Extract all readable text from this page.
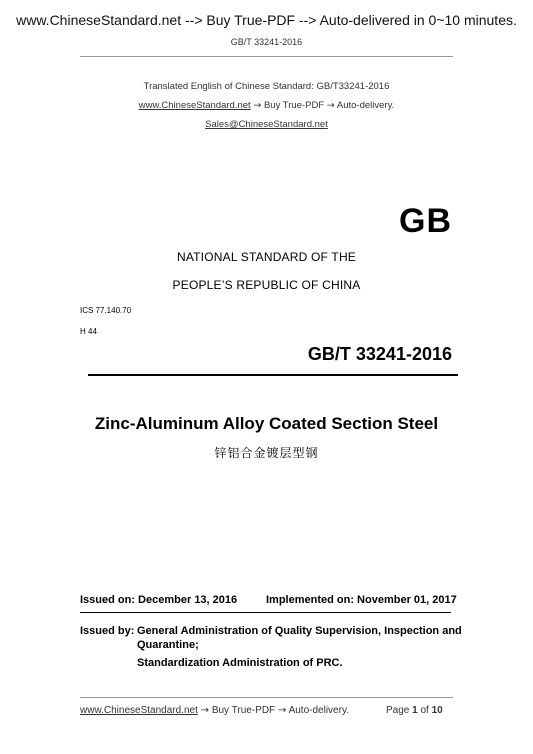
www.ChineseStandard.net --> Buy True-PDF --> Auto-delivered in 0~10 minutes.
GB/T 33241-2016
Translated English of Chinese Standard: GB/T33241-2016
www.ChineseStandard.net → Buy True-PDF → Auto-delivery.
Sales@ChineseStandard.net
GB
NATIONAL STANDARD OF THE
PEOPLE’S REPUBLIC OF CHINA
ICS 77.140.70
H 44
GB/T 33241-2016
Zinc-Aluminum Alloy Coated Section Steel
锌铝合金镀层型钢
Issued on: December 13, 2016	Implemented on: November 01, 2017
Issued by: General Administration of Quality Supervision, Inspection and
Quarantine;
Standardization Administration of PRC.
www.ChineseStandard.net → Buy True-PDF → Auto-delivery.	Page 1 of 10
